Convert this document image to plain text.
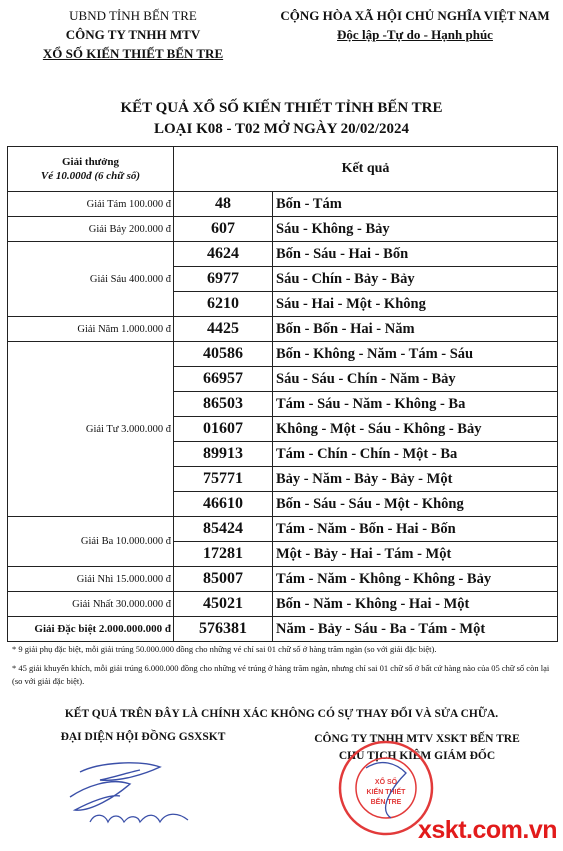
UBND TỈNH BẾN TRE
CÔNG TY TNHH MTV
XỔ SỐ KIẾN THIẾT BẾN TRE
CỘNG HÒA XÃ HỘI CHỦ NGHĨA VIỆT NAM
Độc lập -Tự do - Hạnh phúc
KẾT QUẢ XỔ SỐ KIẾN THIẾT TỈNH BẾN TRE
LOẠI K08 - T02 MỞ NGÀY 20/02/2024
Giải thưởng
Vé 10.000đ (6 chữ số)	Kết quả	
Giải Tám 100.000 đ	48	Bốn - Tám
Giải Bảy 200.000 đ	607	Sáu - Không - Bảy
Giải Sáu 400.000 đ	4624	Bốn - Sáu - Hai - Bốn
	6977	Sáu - Chín - Bảy - Bảy
	6210	Sáu - Hai - Một - Không
Giải Năm 1.000.000 đ	4425	Bốn - Bốn - Hai - Năm
Giải Tư 3.000.000 đ	40586	Bốn - Không - Năm - Tám - Sáu
	66957	Sáu - Sáu - Chín - Năm - Bảy
	86503	Tám - Sáu - Năm - Không - Ba
	01607	Không - Một - Sáu - Không - Bảy
	89913	Tám - Chín - Chín - Một - Ba
	75771	Bảy - Năm - Bảy - Bảy - Một
	46610	Bốn - Sáu - Sáu - Một - Không
Giải Ba 10.000.000 đ	85424	Tám - Năm - Bốn - Hai - Bốn
	17281	Một - Bảy - Hai - Tám - Một
Giải Nhì 15.000.000 đ	85007	Tám - Năm - Không - Không - Bảy
Giải Nhất 30.000.000 đ	45021	Bốn - Năm - Không - Hai - Một
Giải Đặc biệt 2.000.000.000 đ	576381	Năm - Bảy - Sáu - Ba - Tám - Một
* 9 giải phụ đặc biệt, mỗi giải trúng 50.000.000 đồng cho những vé chỉ sai 01 chữ số ở hàng trăm ngàn (so với giải đặc biệt).
* 45 giải khuyến khích, mỗi giải trúng 6.000.000 đồng cho những vé trúng ở hàng trăm ngàn, nhưng chỉ sai 01 chữ số ở bất cứ hàng nào của 05 chữ số còn lại (so với giải đặc biệt).
KẾT QUẢ TRÊN ĐÂY LÀ CHÍNH XÁC KHÔNG CÓ SỰ THAY ĐỔI VÀ SỬA CHỮA.
ĐẠI DIỆN HỘI ĐỒNG GSXSKT	CÔNG TY TNHH MTV XSKT BẾN TRE
CHỦ TỊCH KIÊM GIÁM ĐỐC
XỔ SỐ
KIẾN THIẾT
BẾN TRE
xskt.com.vn
